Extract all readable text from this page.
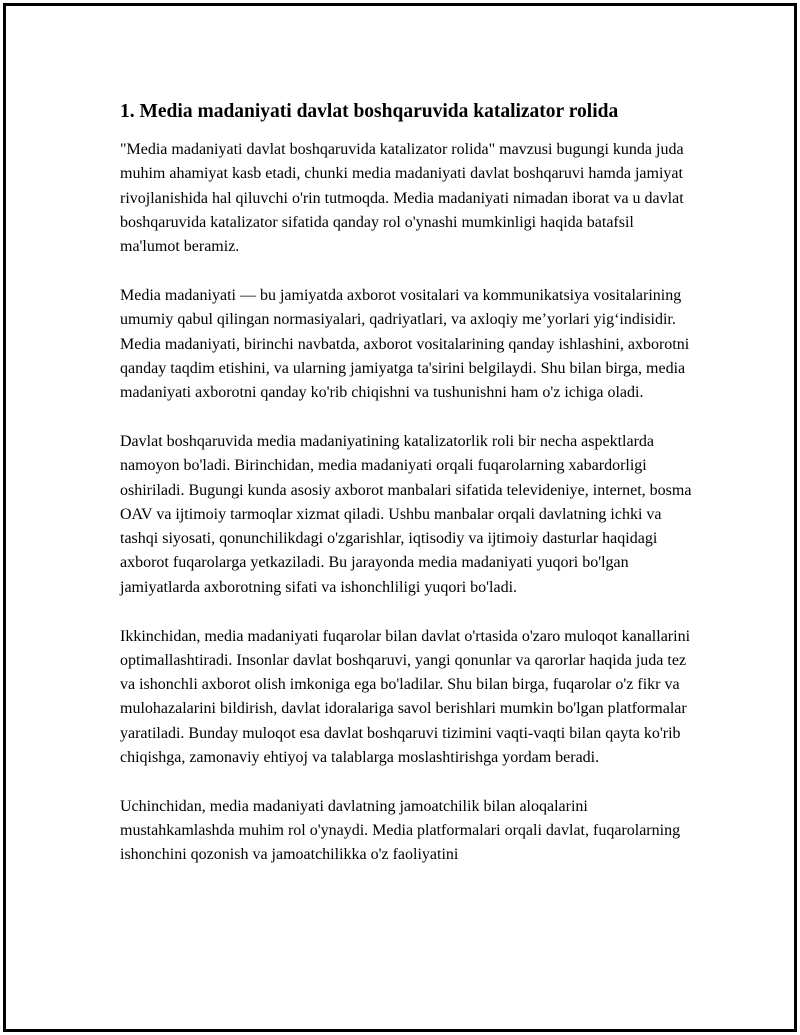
1. Media madaniyati davlat boshqaruvida katalizator rolida

"Media madaniyati davlat boshqaruvida katalizator rolida" mavzusi bugungi kunda juda muhim ahamiyat kasb etadi, chunki media madaniyati davlat boshqaruvi hamda jamiyat rivojlanishida hal qiluvchi o'rin tutmoqda. Media madaniyati nimadan iborat va u davlat boshqaruvida katalizator sifatida qanday rol o'ynashi mumkinligi haqida batafsil ma'lumot beramiz.

Media madaniyati — bu jamiyatda axborot vositalari va kommunikatsiya vositalarining umumiy qabul qilingan normasiyalari, qadriyatlari, va axloqiy me’yorlari yig‘indisidir. Media madaniyati, birinchi navbatda, axborot vositalarining qanday ishlashini, axborotni qanday taqdim etishini, va ularning jamiyatga ta'sirini belgilaydi. Shu bilan birga, media madaniyati axborotni qanday ko'rib chiqishni va tushunishni ham o'z ichiga oladi.

Davlat boshqaruvida media madaniyatining katalizatorlik roli bir necha aspektlarda namoyon bo'ladi. Birinchidan, media madaniyati orqali fuqarolarning xabardorligi oshiriladi. Bugungi kunda asosiy axborot manbalari sifatida televideniye, internet, bosma OAV va ijtimoiy tarmoqlar xizmat qiladi. Ushbu manbalar orqali davlatning ichki va tashqi siyosati, qonunchilikdagi o'zgarishlar, iqtisodiy va ijtimoiy dasturlar haqidagi axborot fuqarolarga yetkaziladi. Bu jarayonda media madaniyati yuqori bo'lgan jamiyatlarda axborotning sifati va ishonchliligi yuqori bo'ladi.

Ikkinchidan, media madaniyati fuqarolar bilan davlat o'rtasida o'zaro muloqot kanallarini optimallashtiradi. Insonlar davlat boshqaruvi, yangi qonunlar va qarorlar haqida juda tez va ishonchli axborot olish imkoniga ega bo'ladilar. Shu bilan birga, fuqarolar o'z fikr va mulohazalarini bildirish, davlat idoralariga savol berishlari mumkin bo'lgan platformalar yaratiladi. Bunday muloqot esa davlat boshqaruvi tizimini vaqti-vaqti bilan qayta ko'rib chiqishga, zamonaviy ehtiyoj va talablarga moslashtirishga yordam beradi.

Uchinchidan, media madaniyati davlatning jamoatchilik bilan aloqalarini mustahkamlashda muhim rol o'ynaydi. Media platformalari orqali davlat, fuqarolarning ishonchini qozonish va jamoatchilikka o'z faoliyatini
